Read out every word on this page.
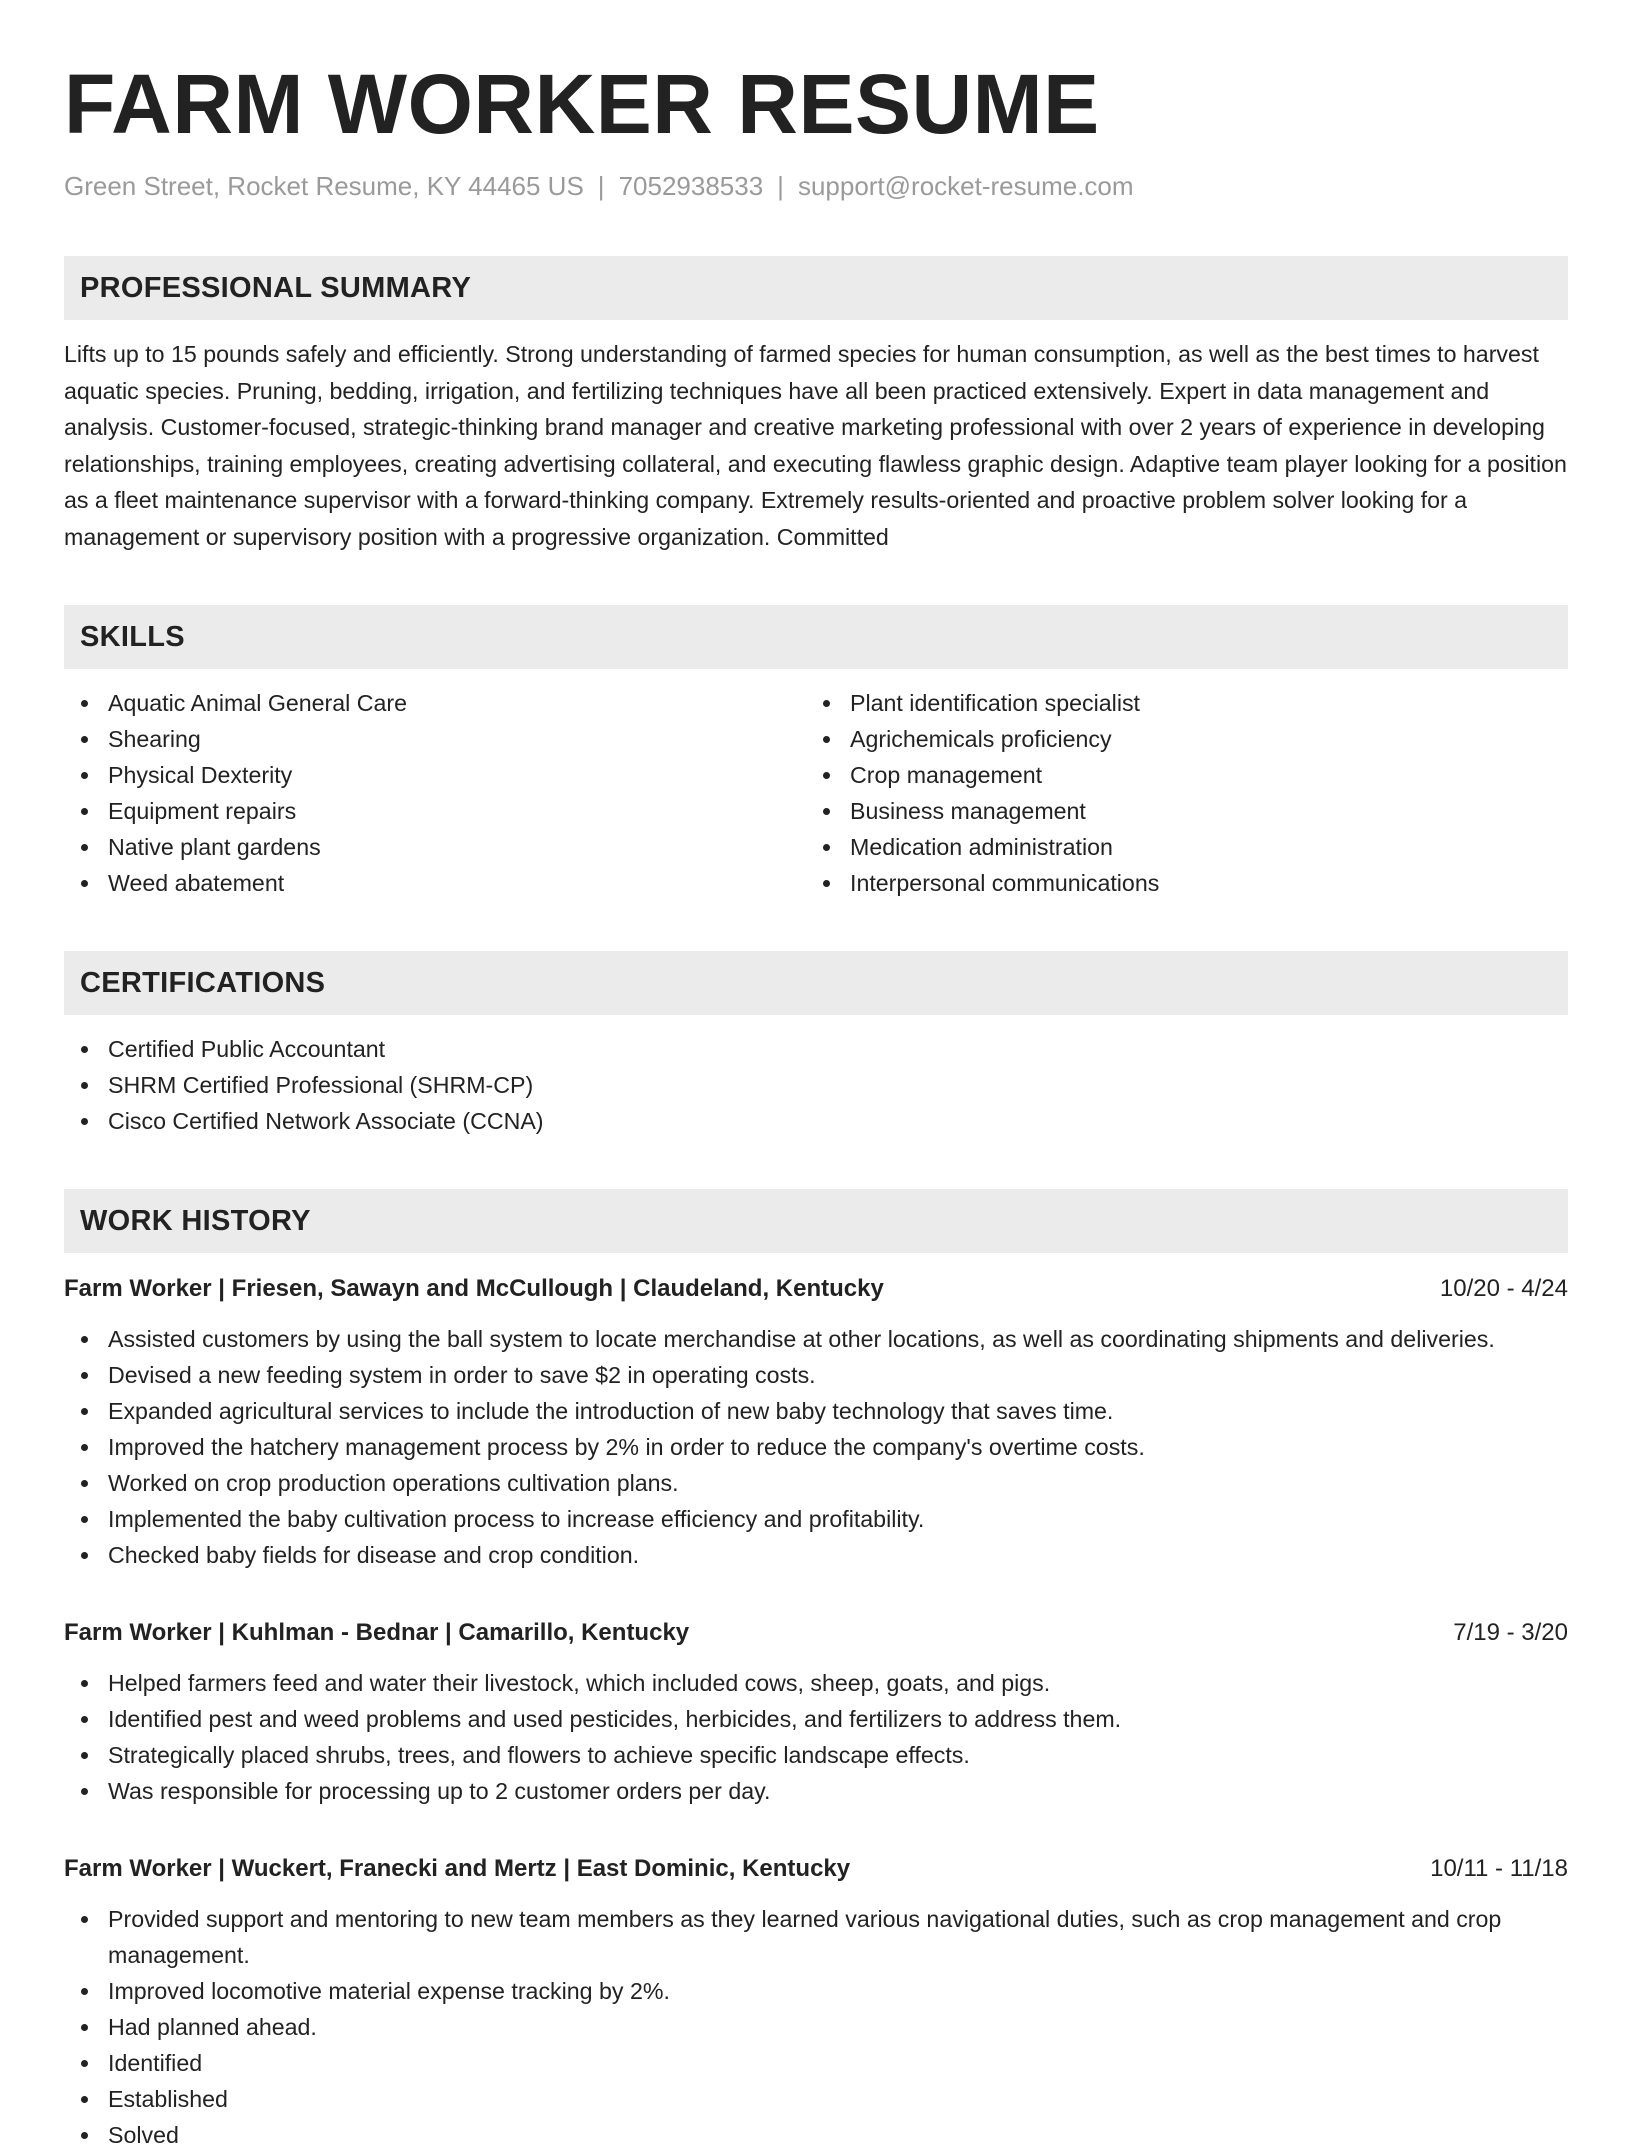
FARM WORKER RESUME
Green Street, Rocket Resume, KY 44465 US | 7052938533 | support@rocket-resume.com
PROFESSIONAL SUMMARY
Lifts up to 15 pounds safely and efficiently. Strong understanding of farmed species for human consumption, as well as the best times to harvest aquatic species. Pruning, bedding, irrigation, and fertilizing techniques have all been practiced extensively. Expert in data management and analysis. Customer-focused, strategic-thinking brand manager and creative marketing professional with over 2 years of experience in developing relationships, training employees, creating advertising collateral, and executing flawless graphic design. Adaptive team player looking for a position as a fleet maintenance supervisor with a forward-thinking company. Extremely results-oriented and proactive problem solver looking for a management or supervisory position with a progressive organization. Committed
SKILLS
Aquatic Animal General Care
Shearing
Physical Dexterity
Equipment repairs
Native plant gardens
Weed abatement
Plant identification specialist
Agrichemicals proficiency
Crop management
Business management
Medication administration
Interpersonal communications
CERTIFICATIONS
Certified Public Accountant
SHRM Certified Professional (SHRM-CP)
Cisco Certified Network Associate (CCNA)
WORK HISTORY
Farm Worker | Friesen, Sawayn and McCullough | Claudeland, Kentucky	10/20 - 4/24
Assisted customers by using the ball system to locate merchandise at other locations, as well as coordinating shipments and deliveries.
Devised a new feeding system in order to save $2 in operating costs.
Expanded agricultural services to include the introduction of new baby technology that saves time.
Improved the hatchery management process by 2% in order to reduce the company's overtime costs.
Worked on crop production operations cultivation plans.
Implemented the baby cultivation process to increase efficiency and profitability.
Checked baby fields for disease and crop condition.
Farm Worker | Kuhlman - Bednar | Camarillo, Kentucky	7/19 - 3/20
Helped farmers feed and water their livestock, which included cows, sheep, goats, and pigs.
Identified pest and weed problems and used pesticides, herbicides, and fertilizers to address them.
Strategically placed shrubs, trees, and flowers to achieve specific landscape effects.
Was responsible for processing up to 2 customer orders per day.
Farm Worker | Wuckert, Franecki and Mertz | East Dominic, Kentucky	10/11 - 11/18
Provided support and mentoring to new team members as they learned various navigational duties, such as crop management and crop management.
Improved locomotive material expense tracking by 2%.
Had planned ahead.
Identified
Established
Solved
